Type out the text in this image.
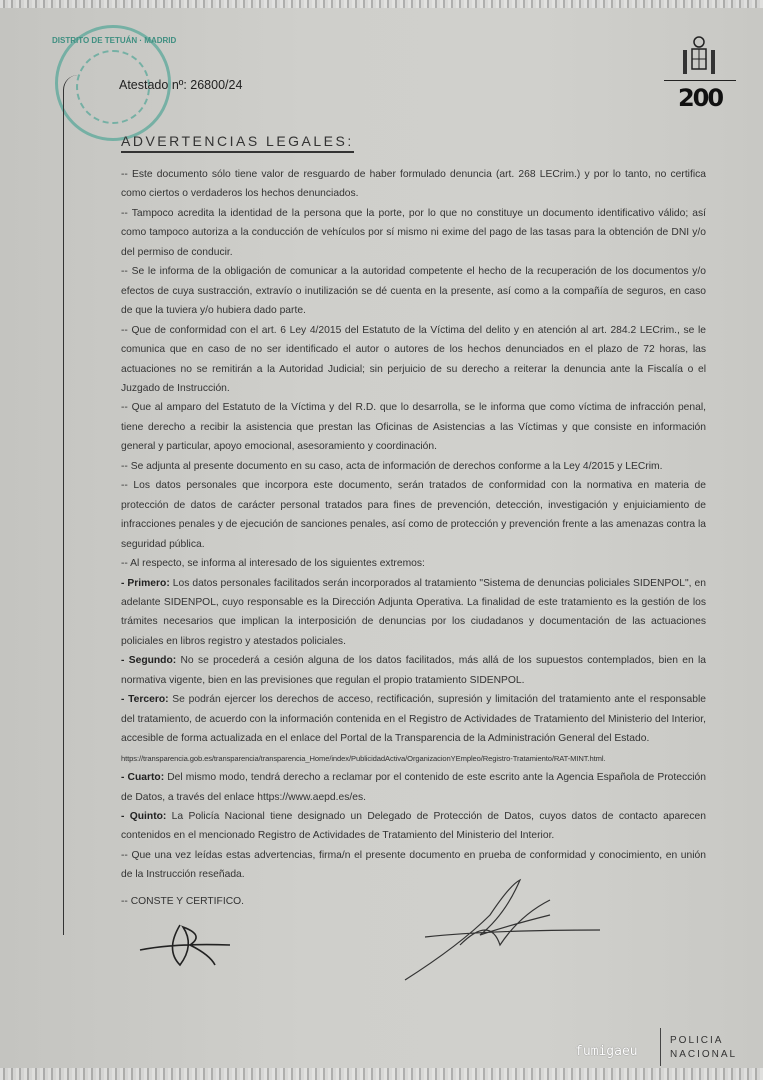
DISTRITO DE TETUÁN · MADRID
Atestado nº: 26800/24	200
ADVERTENCIAS LEGALES:

-- Este documento sólo tiene valor de resguardo de haber formulado denuncia (art. 268 LECrim.) y por lo tanto, no certifica como ciertos o verdaderos los hechos denunciados.

-- Tampoco acredita la identidad de la persona que la porte, por lo que no constituye un documento identificativo válido; así como tampoco autoriza a la conducción de vehículos por sí mismo ni exime del pago de las tasas para la obtención de DNI y/o del permiso de conducir.

-- Se le informa de la obligación de comunicar a la autoridad competente el hecho de la recuperación de los documentos y/o efectos de cuya sustracción, extravío o inutilización se dé cuenta en la presente, así como a la compañía de seguros, en caso de que la tuviera y/o hubiera dado parte.

-- Que de conformidad con el art. 6 Ley 4/2015 del Estatuto de la Víctima del delito y en atención al art. 284.2 LECrim., se le comunica que en caso de no ser identificado el autor o autores de los hechos denunciados en el plazo de 72 horas, las actuaciones no se remitirán a la Autoridad Judicial; sin perjuicio de su derecho a reiterar la denuncia ante la Fiscalía o el Juzgado de Instrucción.

-- Que al amparo del Estatuto de la Víctima y del R.D. que lo desarrolla, se le informa que como víctima de infracción penal, tiene derecho a recibir la asistencia que prestan las Oficinas de Asistencias a las Víctimas y que consiste en información general y particular, apoyo emocional, asesoramiento y coordinación.

-- Se adjunta al presente documento en su caso, acta de información de derechos conforme a la Ley 4/2015 y LECrim.

-- Los datos personales que incorpora este documento, serán tratados de conformidad con la normativa en materia de protección de datos de carácter personal tratados para fines de prevención, detección, investigación y enjuiciamiento de infracciones penales y de ejecución de sanciones penales, así como de protección y prevención frente a las amenazas contra la seguridad pública.

-- Al respecto, se informa al interesado de los siguientes extremos:

- Primero: Los datos personales facilitados serán incorporados al tratamiento "Sistema de denuncias policiales SIDENPOL", en adelante SIDENPOL, cuyo responsable es la Dirección Adjunta Operativa. La finalidad de este tratamiento es la gestión de los trámites necesarios que implican la interposición de denuncias por los ciudadanos y documentación de las actuaciones policiales en libros registro y atestados policiales.

- Segundo: No se procederá a cesión alguna de los datos facilitados, más allá de los supuestos contemplados, bien en la normativa vigente, bien en las previsiones que regulan el propio tratamiento SIDENPOL.

- Tercero: Se podrán ejercer los derechos de acceso, rectificación, supresión y limitación del tratamiento ante el responsable del tratamiento, de acuerdo con la información contenida en el Registro de Actividades de Tratamiento del Ministerio del Interior, accesible de forma actualizada en el enlace del Portal de la Transparencia de la Administración General del Estado.

https://transparencia.gob.es/transparencia/transparencia_Home/index/PublicidadActiva/OrganizacionYEmpleo/Registro-Tratamiento/RAT-MINT.html.

- Cuarto: Del mismo modo, tendrá derecho a reclamar por el contenido de este escrito ante la Agencia Española de Protección de Datos, a través del enlace https://www.aepd.es/es.

- Quinto: La Policía Nacional tiene designado un Delegado de Protección de Datos, cuyos datos de contacto aparecen contenidos en el mencionado Registro de Actividades de Tratamiento del Ministerio del Interior.

-- Que una vez leídas estas advertencias, firma/n el presente documento en prueba de conformidad y conocimiento, en unión de la Instrucción reseñada.

-- CONSTE Y CERTIFICO.

POLICIA NACIONAL
fumigaeu
